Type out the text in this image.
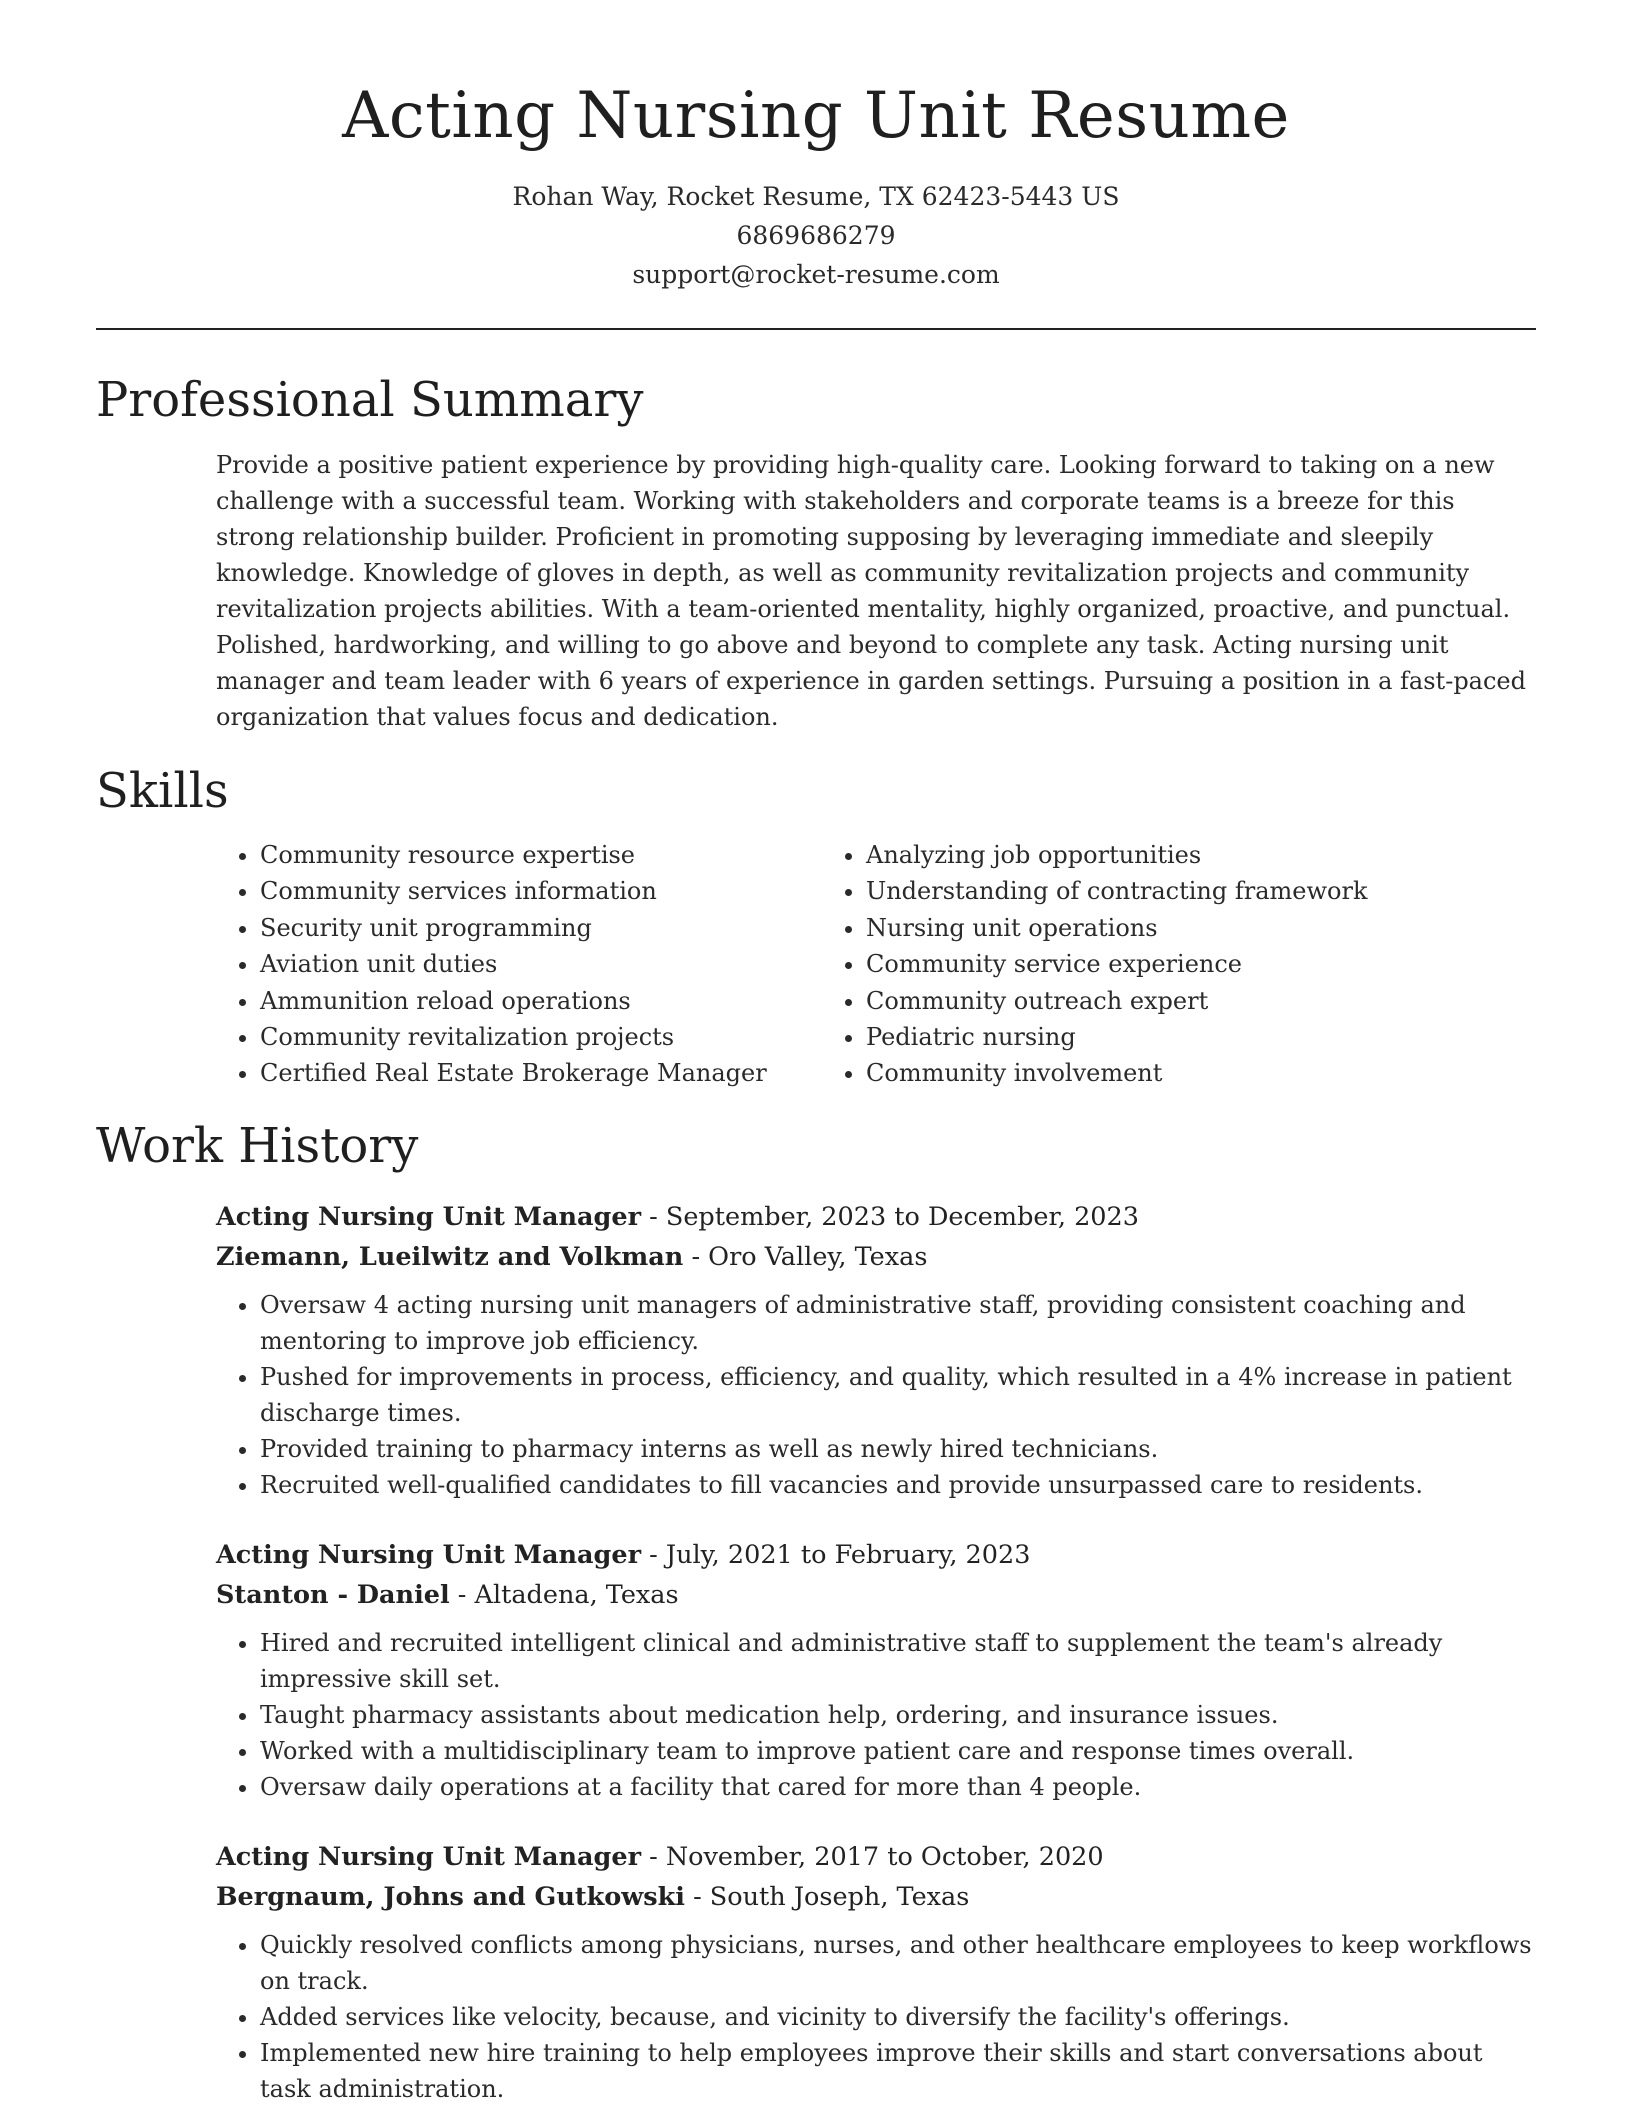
Acting Nursing Unit Resume
Rohan Way, Rocket Resume, TX 62423-5443 US
6869686279
support@rocket-resume.com
Professional Summary

Provide a positive patient experience by providing high-quality care. Looking forward to taking on a new challenge with a successful team. Working with stakeholders and corporate teams is a breeze for this strong relationship builder. Proficient in promoting supposing by leveraging immediate and sleepily knowledge. Knowledge of gloves in depth, as well as community revitalization projects and community revitalization projects abilities. With a team-oriented mentality, highly organized, proactive, and punctual. Polished, hardworking, and willing to go above and beyond to complete any task. Acting nursing unit manager and team leader with 6 years of experience in garden settings. Pursuing a position in a fast-paced organization that values focus and dedication.

Skills
• Community resource expertise
• Community services information
• Security unit programming
• Aviation unit duties
• Ammunition reload operations
• Community revitalization projects
• Certified Real Estate Brokerage Manager
• Analyzing job opportunities
• Understanding of contracting framework
• Nursing unit operations
• Community service experience
• Community outreach expert
• Pediatric nursing
• Community involvement
Work History
Acting Nursing Unit Manager - September, 2023 to December, 2023
Ziemann, Lueilwitz and Volkman - Oro Valley, Texas
• Oversaw 4 acting nursing unit managers of administrative staff, providing consistent coaching and mentoring to improve job efficiency.
• Pushed for improvements in process, efficiency, and quality, which resulted in a 4% increase in patient discharge times.
• Provided training to pharmacy interns as well as newly hired technicians.
• Recruited well-qualified candidates to fill vacancies and provide unsurpassed care to residents.
Acting Nursing Unit Manager - July, 2021 to February, 2023
Stanton - Daniel - Altadena, Texas
• Hired and recruited intelligent clinical and administrative staff to supplement the team's already impressive skill set.
• Taught pharmacy assistants about medication help, ordering, and insurance issues.
• Worked with a multidisciplinary team to improve patient care and response times overall.
• Oversaw daily operations at a facility that cared for more than 4 people.
Acting Nursing Unit Manager - November, 2017 to October, 2020
Bergnaum, Johns and Gutkowski - South Joseph, Texas
• Quickly resolved conflicts among physicians, nurses, and other healthcare employees to keep workflows on track.
• Added services like velocity, because, and vicinity to diversify the facility's offerings.
• Implemented new hire training to help employees improve their skills and start conversations about task administration.
